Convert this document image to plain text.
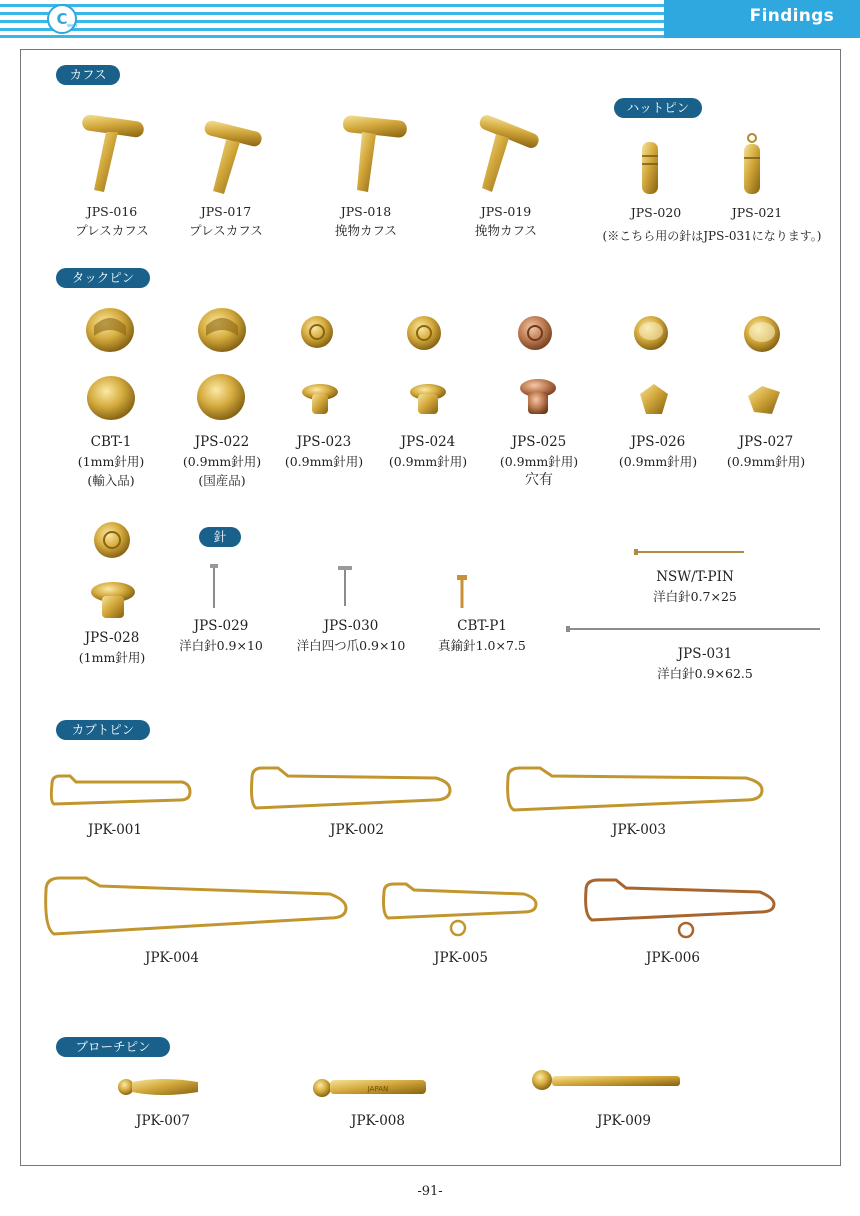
Findings
C well
カフス
ハットピン
タックピン
針
カブトピン
ブローチピン
JPS-016
プレスカフス
JPS-017
プレスカフス
JPS-018
挽物カフス
JPS-019
挽物カフス
JPS-020	JPS-021
(※こちら用の針はJPS-031になります。)
CBT-1
(1mm針用)
(輸入品)
JPS-022
(0.9mm針用)
(国産品)
JPS-023
(0.9mm針用)
JPS-024
(0.9mm針用)
JPS-025
(0.9mm針用)
穴有
JPS-026
(0.9mm針用)
JPS-027
(0.9mm針用)
JPS-028
(1mm針用)
JPS-029
洋白針0.9×10
JPS-030
洋白四つ爪0.9×10
CBT-P1
真鍮針1.0×7.5
NSW/T-PIN
洋白針0.7×25
JPS-031
洋白針0.9×62.5
JPK-001	JPK-002	JPK-003
JPK-004	JPK-005	JPK-006
JAPAN
JPK-007	JPK-008	JPK-009
-91-
